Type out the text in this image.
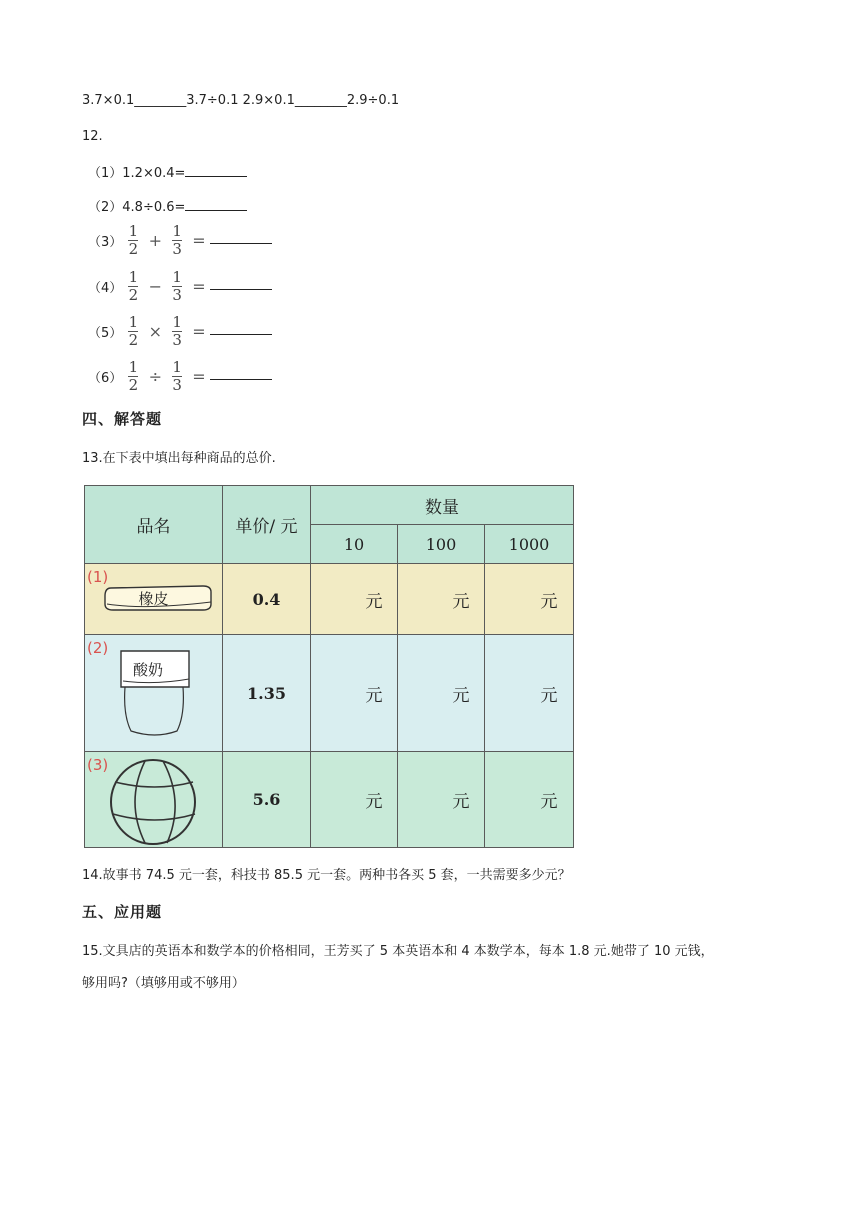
3.7×0.1________3.7÷0.1 2.9×0.1________2.9÷0.1
12.
（1）1.2×0.4=
（2）4.8÷0.6=
$(3) \frac{1}{2} + \frac{1}{3}$ =
$(4) \frac{1}{2} - \frac{1}{3}$ =
$(5) \frac{1}{2} \times \frac{1}{3}$ =
$(6) \frac{1}{2} \div \frac{1}{3}$ =
四、解答题
13.在下表中填出每种商品的总价.
品名	单价/ 元
数量
10	100	1000
(1)
橡皮	0.4	元	元	元
(2)
酸奶
1.35	元	元	元
(3)
5.6	元	元	元
14.故事书 74.5 元一套，科技书 85.5 元一套。两种书各买 5 套，一共需要多少元？
五、应用题
15.文具店的英语本和数学本的价格相同，王芳买了 5 本英语本和 4 本数学本，每本 1.8 元.她带了 10 元钱，
够用吗?（填够用或不够用）
